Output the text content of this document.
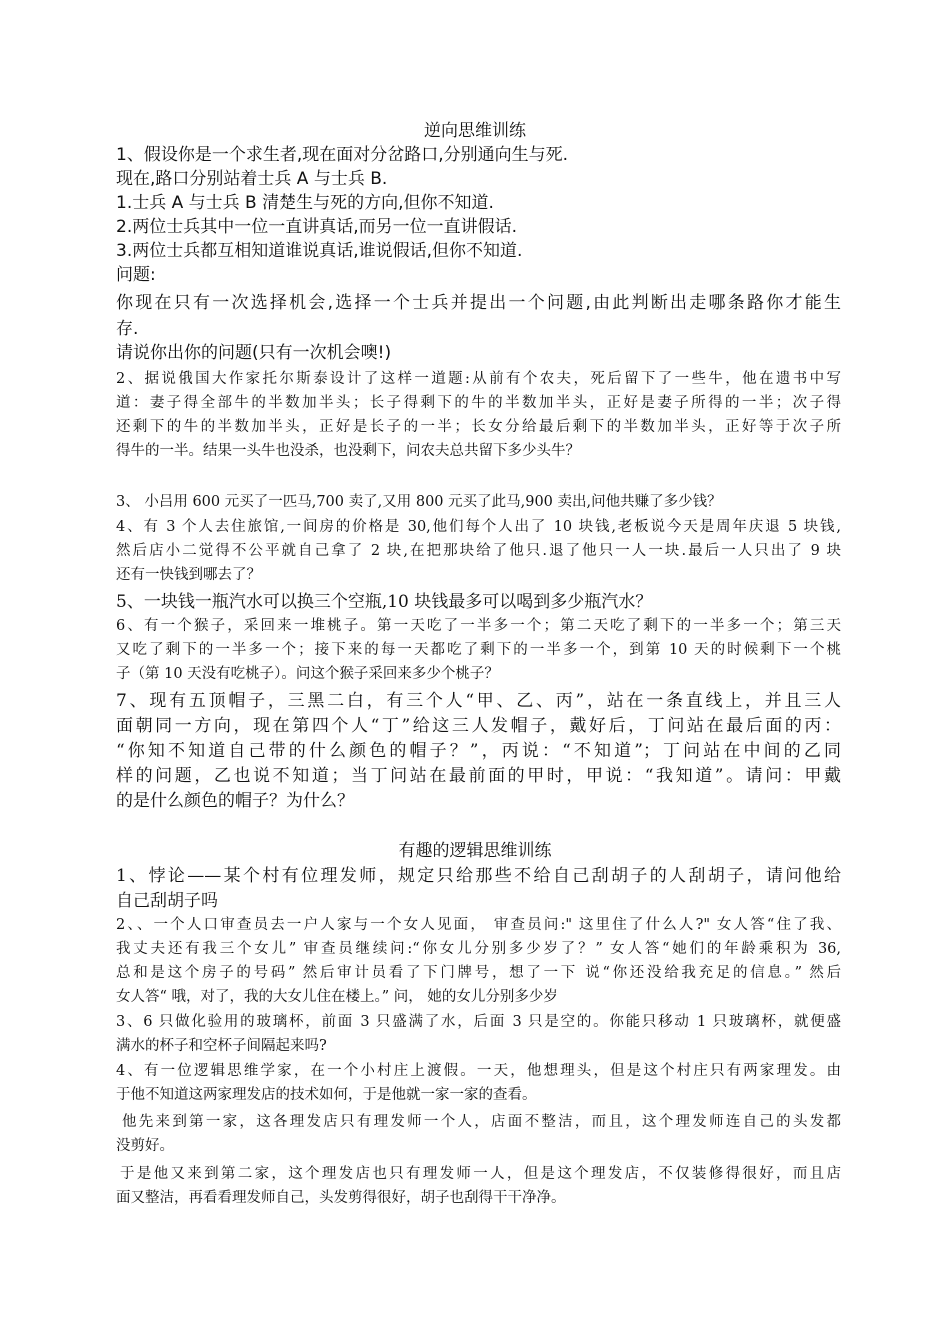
逆向思维训练
1、假设你是一个求生者,现在面对分岔路口,分别通向生与死.
现在,路口分别站着士兵 A 与士兵 B.
1.士兵 A 与士兵 B 清楚生与死的方向,但你不知道.
2.两位士兵其中一位一直讲真话,而另一位一直讲假话.
3.两位士兵都互相知道谁说真话,谁说假话,但你不知道.
问题:
你现在只有一次选择机会,选择一个士兵并提出一个问题,由此判断出走哪条路你才能生
存.
请说你出你的问题(只有一次机会噢!)
2、据说俄国大作家托尔斯泰设计了这样一道题:从前有个农夫，死后留下了一些牛，他在遗书中写
道：妻子得全部牛的半数加半头；长子得剩下的牛的半数加半头，正好是妻子所得的一半；次子得
还剩下的牛的半数加半头，正好是长子的一半；长女分给最后剩下的半数加半头，正好等于次子所
得牛的一半。结果一头牛也没杀，也没剩下，问农夫总共留下多少头牛？
3、 小吕用 600 元买了一匹马,700 卖了,又用 800 元买了此马,900 卖出,问他共赚了多少钱？
4、有 3 个人去住旅馆,一间房的价格是 30,他们每个人出了 10 块钱,老板说今天是周年庆退 5 块钱,
然后店小二觉得不公平就自己拿了 2 块,在把那块给了他只.退了他只一人一块.最后一人只出了 9 块
还有一快钱到哪去了？
5、一块钱一瓶汽水可以换三个空瓶,10 块钱最多可以喝到多少瓶汽水？
6、有一个猴子，采回来一堆桃子。第一天吃了一半多一个；第二天吃了剩下的一半多一个；第三天
又吃了剩下的一半多一个；接下来的每一天都吃了剩下的一半多一个，到第 10 天的时候剩下一个桃
子（第 10 天没有吃桃子）。问这个猴子采回来多少个桃子？
7、现有五顶帽子，三黑二白，有三个人“甲、乙、丙”，站在一条直线上，并且三人
面朝同一方向，现在第四个人“丁”给这三人发帽子，戴好后，丁问站在最后面的丙：
“你知不知道自己带的什么颜色的帽子？”，丙说：“不知道”；丁问站在中间的乙同
样的问题，乙也说不知道；当丁问站在最前面的甲时，甲说：“我知道”。请问：甲戴
的是什么颜色的帽子？为什么？
有趣的逻辑思维训练
1、悖论——某个村有位理发师，规定只给那些不给自己刮胡子的人刮胡子，请问他给
自己刮胡子吗
2、、一个人口审查员去一户人家与一个女人见面， 审查员问:" 这里住了什么人?" 女人答“住了我、
我丈夫还有我三个女儿” 审查员继续问:“你女儿分别多少岁了？” 女人答“她们的年龄乘积为 36,
总和是这个房子的号码” 然后审计员看了下门牌号，想了一下 说“你还没给我充足的信息。” 然后
女人答“ 哦，对了，我的大女儿住在楼上。” 问， 她的女儿分别多少岁
3、6 只做化验用的玻璃杯，前面 3 只盛满了水，后面 3 只是空的。你能只移动 1 只玻璃杯，就便盛
满水的杯子和空杯子间隔起来吗?
4、有一位逻辑思维学家，在一个小村庄上渡假。一天，他想理头，但是这个村庄只有两家理发。由
于他不知道这两家理发店的技术如何，于是他就一家一家的查看。
他先来到第一家，这各理发店只有理发师一个人，店面不整洁，而且，这个理发师连自己的头发都
没剪好。
于是他又来到第二家，这个理发店也只有理发师一人，但是这个理发店，不仅装修得很好，而且店
面又整洁，再看看理发师自己，头发剪得很好，胡子也刮得干干净净。
